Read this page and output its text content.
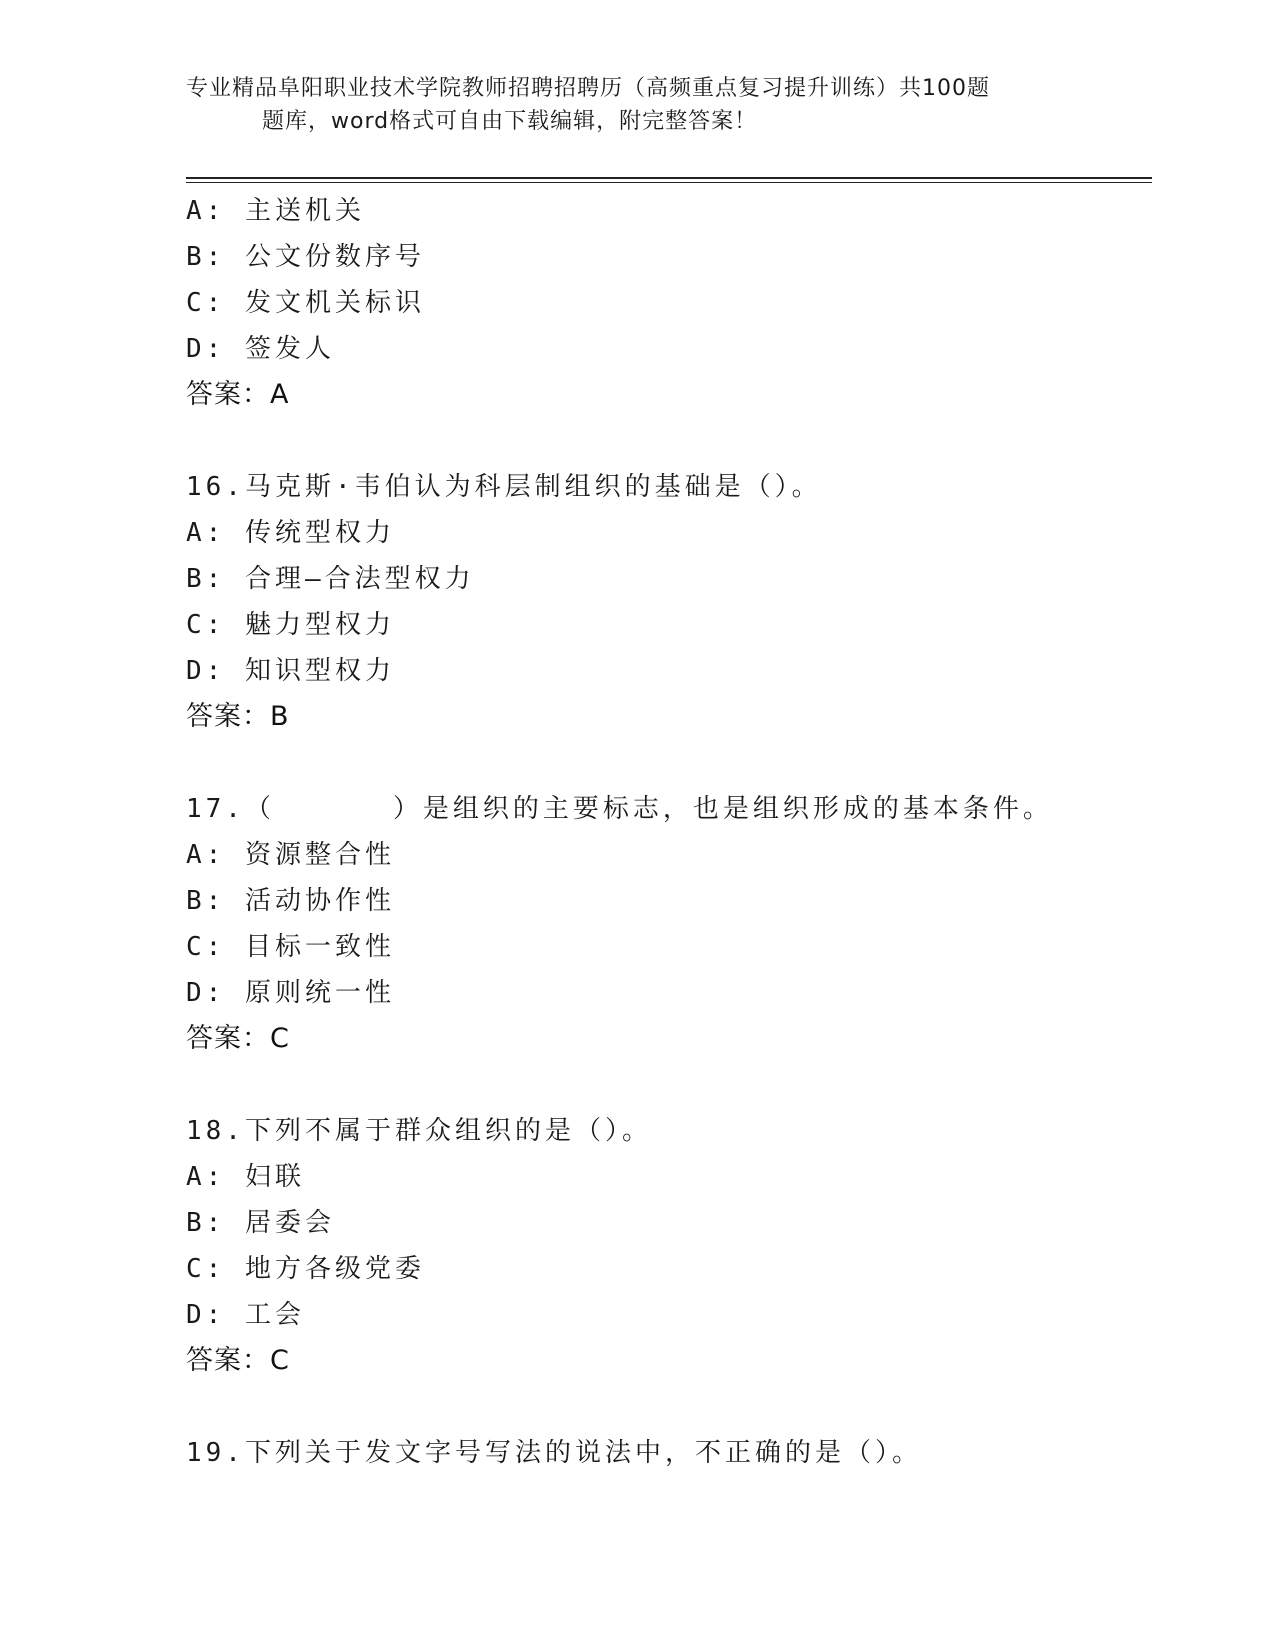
专业精品阜阳职业技术学院教师招聘招聘历（高频重点复习提升训练）共100题
题库，word格式可自由下载编辑，附完整答案！
A: 主送机关
B: 公文份数序号
C: 发文机关标识
D: 签发人
答案：A
16.马克斯·韦伯认为科层制组织的基础是（）。
A: 传统型权力
B: 合理—合法型权力
C: 魅力型权力
D: 知识型权力
答案：B
17.（      ）是组织的主要标志，也是组织形成的基本条件。
A: 资源整合性
B: 活动协作性
C: 目标一致性
D: 原则统一性
答案：C
18.下列不属于群众组织的是（）。
A: 妇联
B: 居委会
C: 地方各级党委
D: 工会
答案：C
19.下列关于发文字号写法的说法中，不正确的是（）。
